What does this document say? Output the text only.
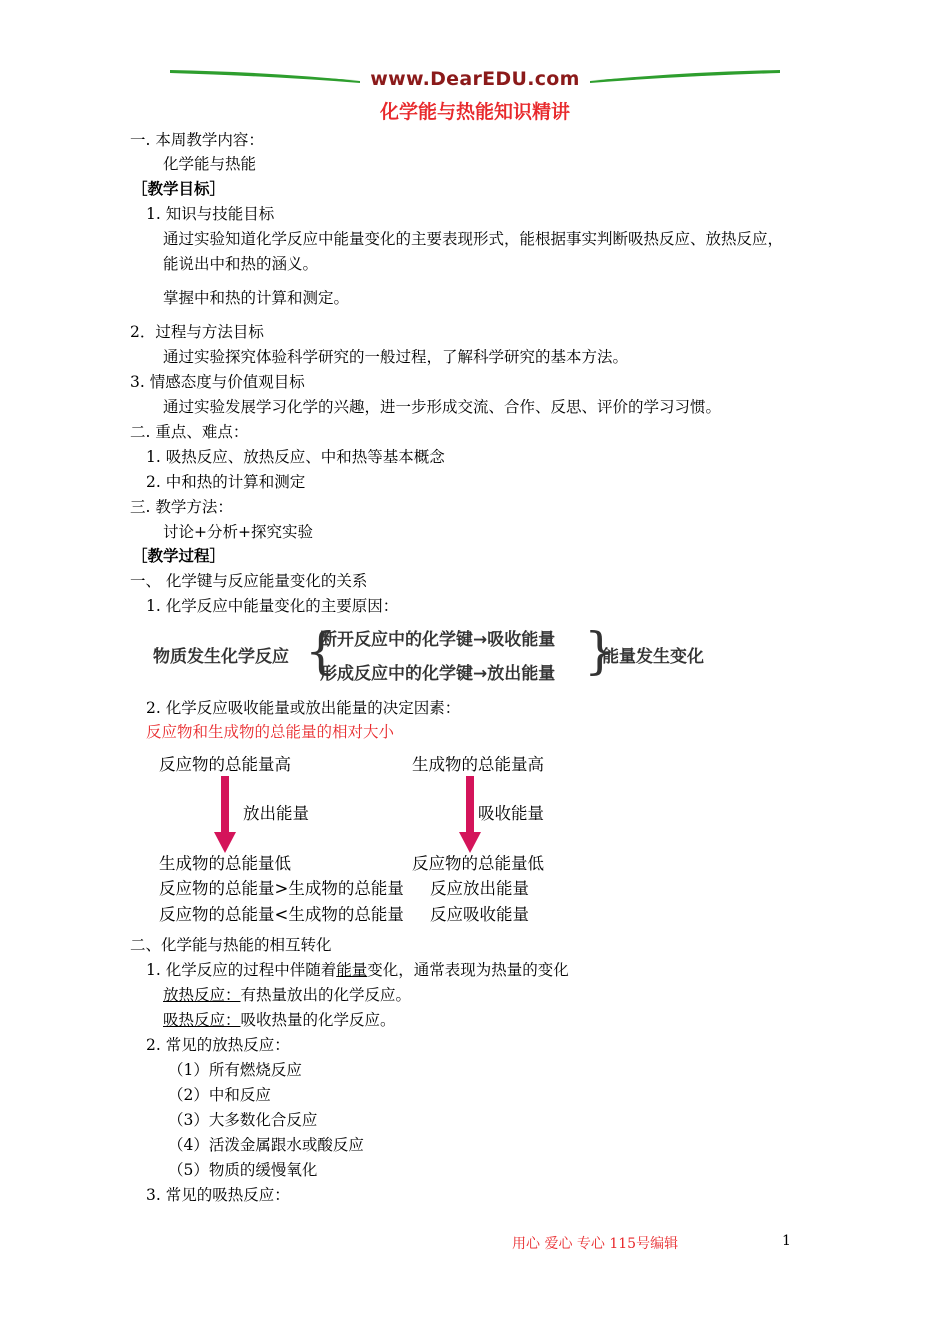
www.DearEDU.com
化学能与热能知识精讲
一. 本周教学内容：
化学能与热能
［教学目标］
1. 知识与技能目标
通过实验知道化学反应中能量变化的主要表现形式，能根据事实判断吸热反应、放热反应，
能说出中和热的涵义。
掌握中和热的计算和测定。
2．过程与方法目标
通过实验探究体验科学研究的一般过程，了解科学研究的基本方法。
3. 情感态度与价值观目标
通过实验发展学习化学的兴趣，进一步形成交流、合作、反思、评价的学习习惯。
二. 重点、难点：
1. 吸热反应、放热反应、中和热等基本概念
2. 中和热的计算和测定
三. 教学方法：
讨论+分析+探究实验
［教学过程］
一、 化学键与反应能量变化的关系
1. 化学反应中能量变化的主要原因：
物质发生化学反应 {
断开反应中的化学键→吸收能量
形成反应中的化学键→放出能量 }
能量发生变化
2. 化学反应吸收能量或放出能量的决定因素：
反应物和生成物的总能量的相对大小
反应物的总能量高	生成物的总能量高
放出能量	吸收能量
生成物的总能量低	反应物的总能量低
反应物的总能量>生成物的总能量 反应放出能量
反应物的总能量<生成物的总能量 反应吸收能量
二、化学能与热能的相互转化
1. 化学反应的过程中伴随着能量变化，通常表现为热量的变化
放热反应：有热量放出的化学反应。
吸热反应：吸收热量的化学反应。
2. 常见的放热反应：
（1）所有燃烧反应
（2）中和反应
（3）大多数化合反应
（4）活泼金属跟水或酸反应
（5）物质的缓慢氧化
3. 常见的吸热反应：
用心 爱心 专心 115号编辑	1
